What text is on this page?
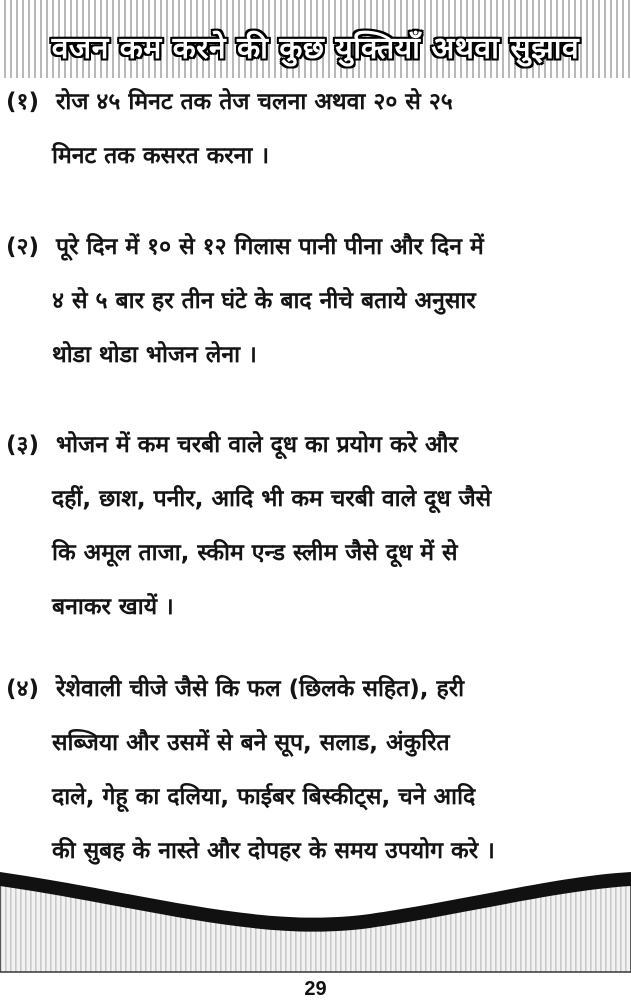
वजन कम करने की कुछ युक्तियाँ अथवा सुझाव
(१) रोज ४५ मिनट तक तेज चलना अथवा २० से २५
मिनट तक कसरत करना ।
(२) पूरे दिन में १० से १२ गिलास पानी पीना और दिन में
४ से ५ बार हर तीन घंटे के बाद नीचे बताये अनुसार
थोडा थोडा भोजन लेना ।
(३) भोजन में कम चरबी वाले दूध का प्रयोग करे और
दहीं, छाश, पनीर, आदि भी कम चरबी वाले दूध जैसे
कि अमूल ताजा, स्कीम एन्ड स्लीम जैसे दूध में से
बनाकर खायें ।
(४) रेशेवाली चीजे जैसे कि फल (छिलके सहित), हरी
सब्जिया और उसमें से बने सूप, सलाड, अंकुरित
दाले, गेहू का दलिया, फाईबर बिस्कीट्स, चने आदि
की सुबह के नास्ते और दोपहर के समय उपयोग करे ।
29
